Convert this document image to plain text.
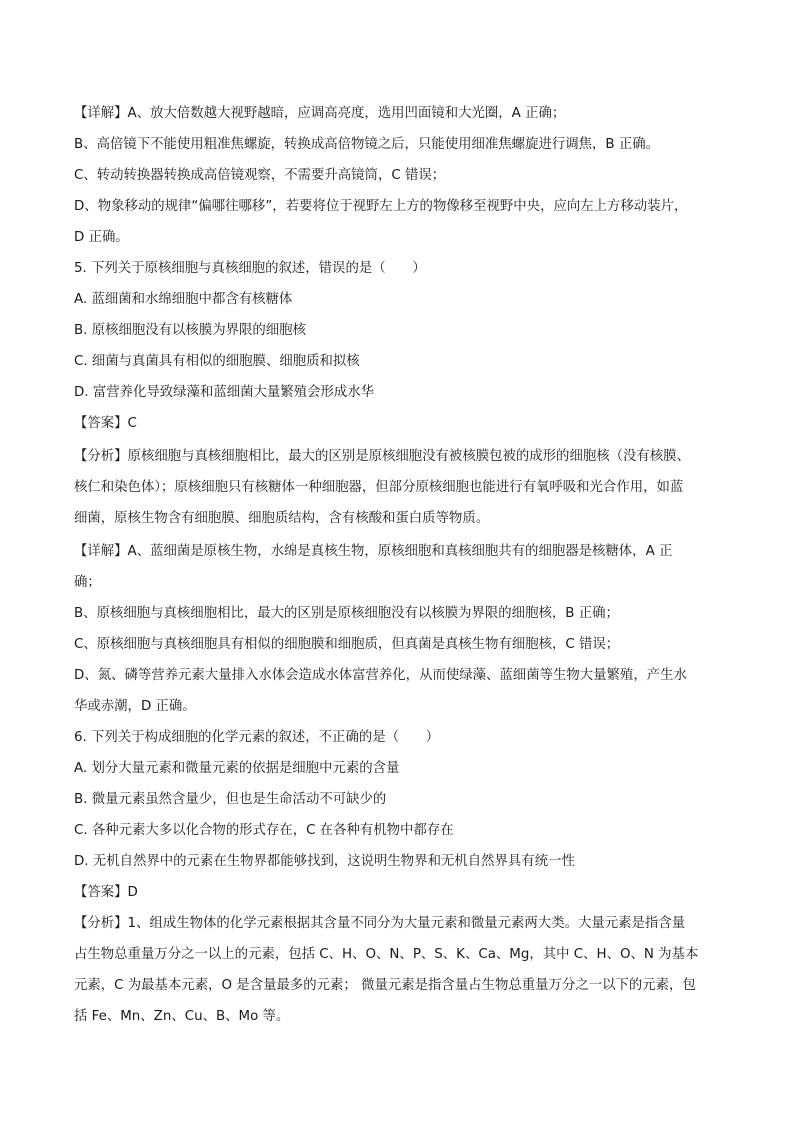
【详解】A、放大倍数越大视野越暗，应调高亮度，选用凹面镜和大光圈，A 正确；
B、高倍镜下不能使用粗准焦螺旋，转换成高倍物镜之后，只能使用细准焦螺旋进行调焦，B 正确。
C、转动转换器转换成高倍镜观察，不需要升高镜筒，C 错误；
D、物象移动的规律“偏哪往哪移”，若要将位于视野左上方的物像移至视野中央，应向左上方移动装片，
D 正确。
5. 下列关于原核细胞与真核细胞的叙述，错误的是（　　）
A. 蓝细菌和水绵细胞中都含有核糖体
B. 原核细胞没有以核膜为界限的细胞核
C. 细菌与真菌具有相似的细胞膜、细胞质和拟核
D. 富营养化导致绿藻和蓝细菌大量繁殖会形成水华
【答案】C
【分析】原核细胞与真核细胞相比，最大的区别是原核细胞没有被核膜包被的成形的细胞核（没有核膜、
核仁和染色体）；原核细胞只有核糖体一种细胞器，但部分原核细胞也能进行有氧呼吸和光合作用，如蓝
细菌，原核生物含有细胞膜、细胞质结构，含有核酸和蛋白质等物质。
【详解】A、蓝细菌是原核生物，水绵是真核生物，原核细胞和真核细胞共有的细胞器是核糖体，A 正
确；
B、原核细胞与真核细胞相比，最大的区别是原核细胞没有以核膜为界限的细胞核，B 正确；
C、原核细胞与真核细胞具有相似的细胞膜和细胞质，但真菌是真核生物有细胞核，C 错误；
D、氮、磷等营养元素大量排入水体会造成水体富营养化，从而使绿藻、蓝细菌等生物大量繁殖，产生水
华或赤潮，D 正确。
6. 下列关于构成细胞的化学元素的叙述，不正确的是（　　）
A. 划分大量元素和微量元素的依据是细胞中元素的含量
B. 微量元素虽然含量少，但也是生命活动不可缺少的
C. 各种元素大多以化合物的形式存在，C 在各种有机物中都存在
D. 无机自然界中的元素在生物界都能够找到，这说明生物界和无机自然界具有统一性
【答案】D
【分析】1、组成生物体的化学元素根据其含量不同分为大量元素和微量元素两大类。大量元素是指含量
占生物总重量万分之一以上的元素，包括 C、H、O、N、P、S、K、Ca、Mg，其中 C、H、O、N 为基本
元素，C 为最基本元素，O 是含量最多的元素； 微量元素是指含量占生物总重量万分之一以下的元素，包
括 Fe、Mn、Zn、Cu、B、Mo 等。
